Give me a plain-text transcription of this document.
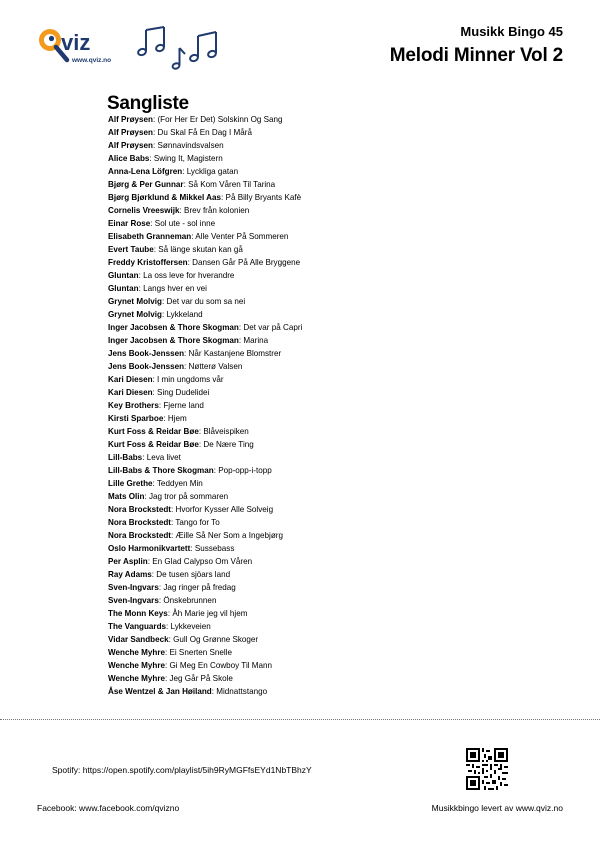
viz
www.qviz.no
Musikk Bingo 45
Melodi Minner Vol 2
Sangliste
Alf Prøysen: (For Her Er Det) Solskinn Og Sang
Alf Prøysen: Du Skal Få En Dag I Mårå
Alf Prøysen: Sønnavindsvalsen
Alice Babs: Swing It, Magistern
Anna-Lena Löfgren: Lyckliga gatan
Bjørg & Per Gunnar: Så Kom Våren Til Tarina
Bjørg Bjørklund & Mikkel Aas: På Billy Bryants Kafè
Cornelis Vreeswijk: Brev från kolonien
Einar Rose: Sol ute - sol inne
Elisabeth Granneman: Alle Venter På Sommeren
Evert Taube: Så länge skutan kan gå
Freddy Kristoffersen: Dansen Går På Alle Bryggene
Gluntan: La oss leve for hverandre
Gluntan: Langs hver en vei
Grynet Molvig: Det var du som sa nei
Grynet Molvig: Lykkeland
Inger Jacobsen & Thore Skogman: Det var på Capri
Inger Jacobsen & Thore Skogman: Marina
Jens Book-Jenssen: Når Kastanjene Blomstrer
Jens Book-Jenssen: Nøtterø Valsen
Kari Diesen: I min ungdoms vår
Kari Diesen: Sing Dudelidei
Key Brothers: Fjerne land
Kirsti Sparboe: Hjem
Kurt Foss & Reidar Bøe: Blåveispiken
Kurt Foss & Reidar Bøe: De Nære Ting
Lill-Babs: Leva livet
Lill-Babs & Thore Skogman: Pop-opp-i-topp
Lille Grethe: Teddyen Min
Mats Olin: Jag tror på sommaren
Nora Brockstedt: Hvorfor Kysser Alle Solveig
Nora Brockstedt: Tango for To
Nora Brockstedt: Æille Så Ner Som a Ingebjørg
Oslo Harmonikvartett: Sussebass
Per Asplin: En Glad Calypso Om Våren
Ray Adams: De tusen sjöars land
Sven-Ingvars: Jag ringer på fredag
Sven-Ingvars: Önskebrunnen
The Monn Keys: Åh Marie jeg vil hjem
The Vanguards: Lykkeveien
Vidar Sandbeck: Gull Og Grønne Skoger
Wenche Myhre: Ei Snerten Snelle
Wenche Myhre: Gi Meg En Cowboy Til Mann
Wenche Myhre: Jeg Går På Skole
Åse Wentzel & Jan Høiland: Midnattstango
Spotify: https://open.spotify.com/playlist/5ih9RyMGFfsEYd1NbTBhzY
Facebook: www.facebook.com/qvizno	Musikkbingo levert av www.qviz.no
